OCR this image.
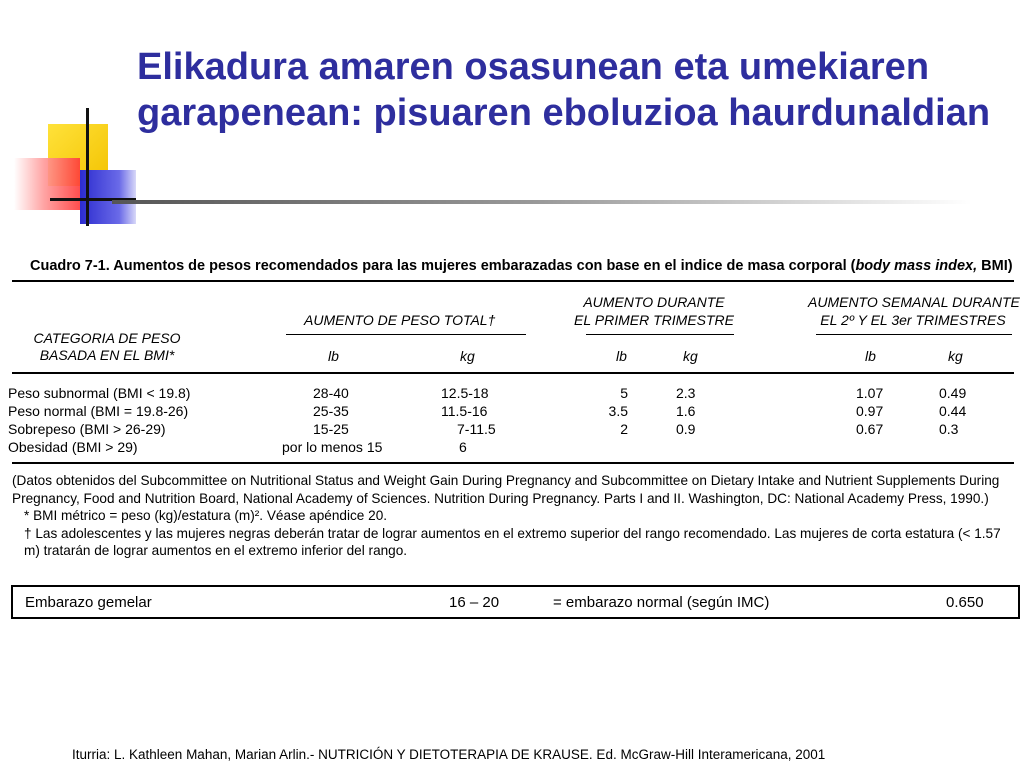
Elikadura amaren osasunean eta umekiaren garapenean: pisuaren eboluzioa haurdunaldian
Cuadro 7-1. Aumentos de pesos recomendados para las mujeres embarazadas con base en el indice de masa corporal (body mass index, BMI)
CATEGORIA DE PESO BASADA EN EL BMI*
AUMENTO DE PESO TOTAL†
AUMENTO DURANTE
EL PRIMER TRIMESTRE
AUMENTO SEMANAL DURANTE
EL 2º Y EL 3er TRIMESTRES
lb	kg	lb	kg	lb	kg
Peso subnormal (BMI < 19.8)	28-40	12.5-18	5	2.3	1.07	0.49
Peso normal (BMI = 19.8-26)	25-35	11.5-16	3.5	1.6	0.97	0.44
Sobrepeso (BMI > 26-29)	15-25	7-11.5	2	0.9	0.67	0.3
Obesidad (BMI > 29)	por lo menos 15	6

(Datos obtenidos del Subcommittee on Nutritional Status and Weight Gain During Pregnancy and Subcommittee on Dietary Intake and Nutrient Supplements During Pregnancy, Food and Nutrition Board, National Academy of Sciences. Nutrition During Pregnancy. Parts I and II. Washington, DC: National Academy Press, 1990.)

* BMI métrico = peso (kg)/estatura (m)². Véase apéndice 20.

† Las adolescentes y las mujeres negras deberán tratar de lograr aumentos en el extremo superior del rango recomendado. Las mujeres de corta estatura (< 1.57 m) tratarán de lograr aumentos en el extremo inferior del rango.

Embarazo gemelar	16 – 20	= embarazo normal (según IMC)	0.650
Iturria: L. Kathleen Mahan, Marian Arlin.- NUTRICIÓN Y DIETOTERAPIA DE KRAUSE. Ed. McGraw-Hill Interamericana, 2001
